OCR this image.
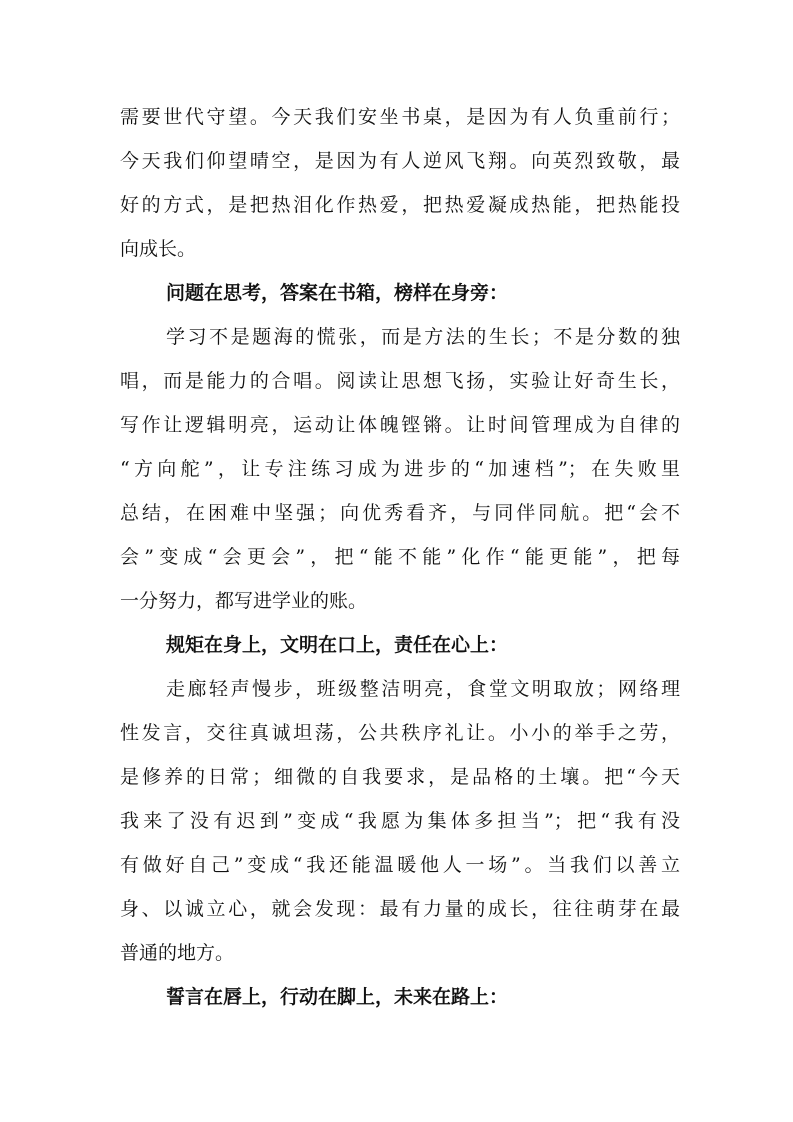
需要世代守望。今天我们安坐书桌，是因为有人负重前行；
今天我们仰望晴空，是因为有人逆风飞翔。向英烈致敬，最
好的方式，是把热泪化作热爱，把热爱凝成热能，把热能投
向成长。
问题在思考，答案在书箱，榜样在身旁：
学习不是题海的慌张，而是方法的生长；不是分数的独
唱，而是能力的合唱。阅读让思想飞扬，实验让好奇生长，
写作让逻辑明亮，运动让体魄铿锵。让时间管理成为自律的
“方向舵”，让专注练习成为进步的“加速档”；在失败里
总结，在困难中坚强；向优秀看齐，与同伴同航。把“会不
会”变成“会更会”，把“能不能”化作“能更能”，把每
一分努力，都写进学业的账。
规矩在身上，文明在口上，责任在心上：
走廊轻声慢步，班级整洁明亮，食堂文明取放；网络理
性发言，交往真诚坦荡，公共秩序礼让。小小的举手之劳，
是修养的日常；细微的自我要求，是品格的土壤。把“今天
我来了没有迟到”变成“我愿为集体多担当”；把“我有没
有做好自己”变成“我还能温暖他人一场”。当我们以善立
身、以诚立心，就会发现：最有力量的成长，往往萌芽在最
普通的地方。
誓言在唇上，行动在脚上，未来在路上：
